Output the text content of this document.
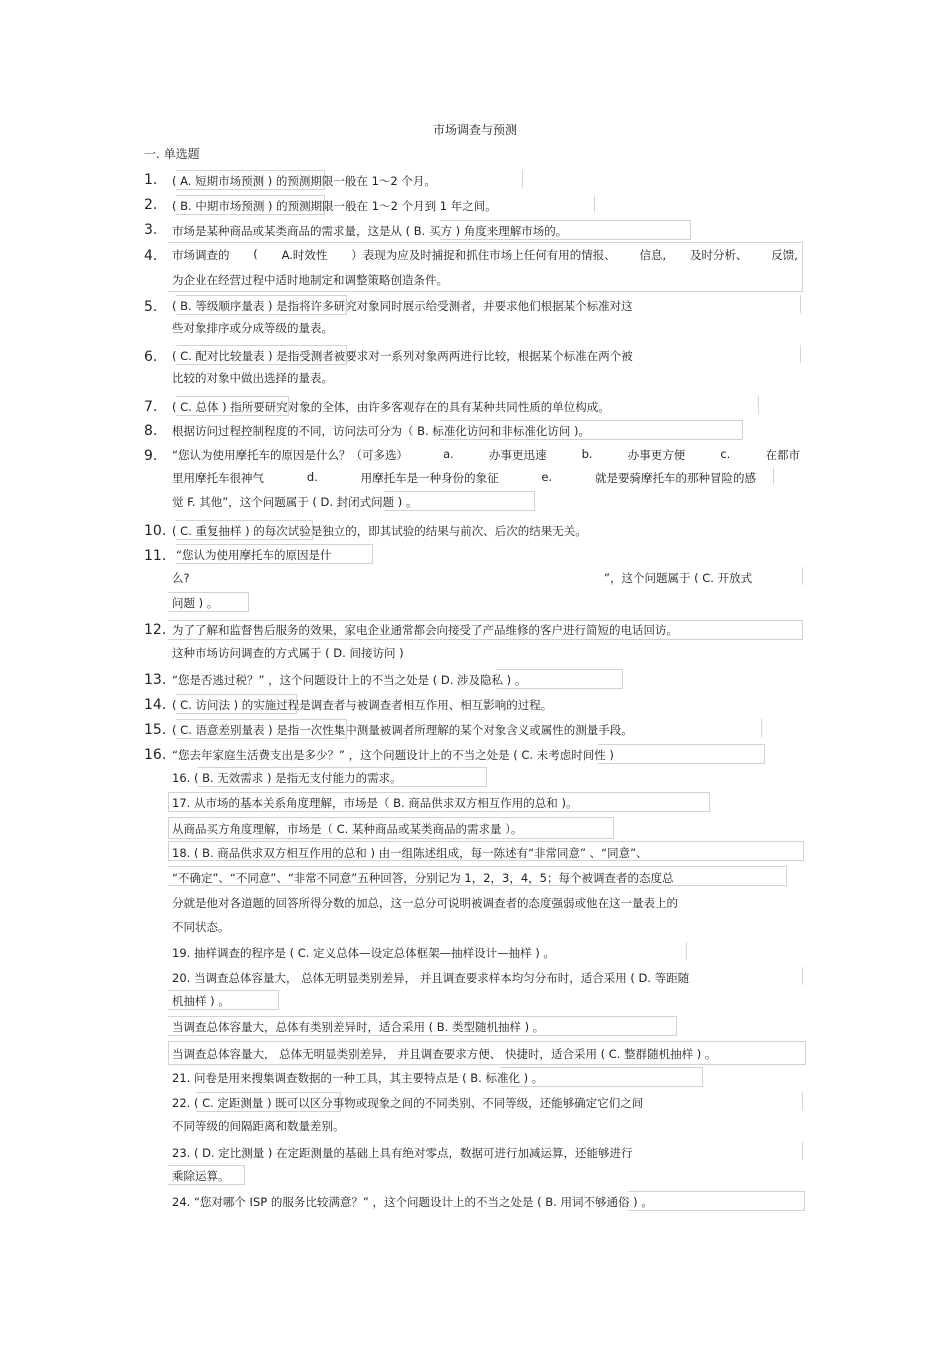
市场调查与预测
一. 单选题
1.	( A. 短期市场预测 ) 的预测期限一般在 1～2 个月。
2.	( B. 中期市场预测 ) 的预测期限一般在 1～2 个月到 1 年之间。
3.	市场是某种商品或某类商品的需求量，这是从 ( B. 买方 ) 角度来理解市场的。
4.	市场调查的 ( A.时效性 ）表现为应及时捕捉和抓住市场上任何有用的情报、 信息, 及时分析、 反馈,
为企业在经营过程中适时地制定和调整策略创造条件。
5.	( B. 等级顺序量表 ) 是指将许多研究对象同时展示给受测者，并要求他们根据某个标准对这
些对象排序或分成等级的量表。
6.	( C. 配对比较量表 ) 是指受测者被要求对一系列对象两两进行比较，根据某个标准在两个被
比较的对象中做出选择的量表。
7.	( C. 总体 ) 指所要研究对象的全体，由许多客观存在的具有某种共同性质的单位构成。
8.	根据访问过程控制程度的不同，访问法可分为（ B. 标准化访问和非标准化访问 )。
9.	“您认为使用摩托车的原因是什么？（可多选）	a.	办事更迅速	b.	办事更方便	c.	在都市
里用摩托车很神气	d.	用摩托车是一种身份的象征	e.	就是要骑摩托车的那种冒险的感
觉 F. 其他”，这个问题属于 ( D. 封闭式问题 ) 。
10. ( C. 重复抽样 ) 的每次试验是独立的，即其试验的结果与前次、后次的结果无关。
11. “您认为使用摩托车的原因是什
么?	”，这个问题属于 ( C. 开放式
问题 ) 。
12. 为了了解和监督售后服务的效果，家电企业通常都会向接受了产品维修的客户进行简短的电话回访。
这种市场访问调查的方式属于 ( D. 间接访问 )
13. “您是否逃过税？” ，这个问题设计上的不当之处是 ( D. 涉及隐私 ) 。
14. ( C. 访问法 ) 的实施过程是调查者与被调查者相互作用、相互影响的过程。
15. ( C. 语意差别量表 ) 是指一次性集中测量被调者所理解的某个对象含义或属性的测量手段。
16. “您去年家庭生活费支出是多少？” ，这个问题设计上的不当之处是 ( C. 未考虑时间性 )
16. ( B. 无效需求 ) 是指无支付能力的需求。
17. 从市场的基本关系角度理解，市场是（ B. 商品供求双方相互作用的总和 )。
从商品买方角度理解，市场是（ C. 某种商品或某类商品的需求量 ）。
18. ( B. 商品供求双方相互作用的总和 ) 由一组陈述组成，每一陈述有“非常同意” 、“同意”、
“不确定”、“不同意”、“非常不同意”五种回答，分别记为 1，2，3，4，5；每个被调查者的态度总
分就是他对各道题的回答所得分数的加总，这一总分可说明被调查者的态度强弱或他在这一量表上的
不同状态。
19. 抽样调查的程序是 ( C. 定义总体—设定总体框架—抽样设计—抽样 ) 。
20. 当调查总体容量大， 总体无明显类别差异， 并且调查要求样本均匀分布时，适合采用 ( D. 等距随
机抽样 ) 。
当调查总体容量大，总体有类别差异时，适合采用 ( B. 类型随机抽样 ) 。
当调查总体容量大， 总体无明显类别差异， 并且调查要求方便、 快捷时，适合采用 ( C. 整群随机抽样 ) 。
21. 问卷是用来搜集调查数据的一种工具，其主要特点是 ( B. 标准化 ) 。
22. ( C. 定距测量 ) 既可以区分事物或现象之间的不同类别、不同等级，还能够确定它们之间
不同等级的间隔距离和数量差别。
23. ( D. 定比测量 ) 在定距测量的基础上具有绝对零点，数据可进行加减运算，还能够进行
乘除运算。
24. “您对哪个 ISP 的服务比较满意？” ，这个问题设计上的不当之处是 ( B. 用词不够通俗 ) 。
